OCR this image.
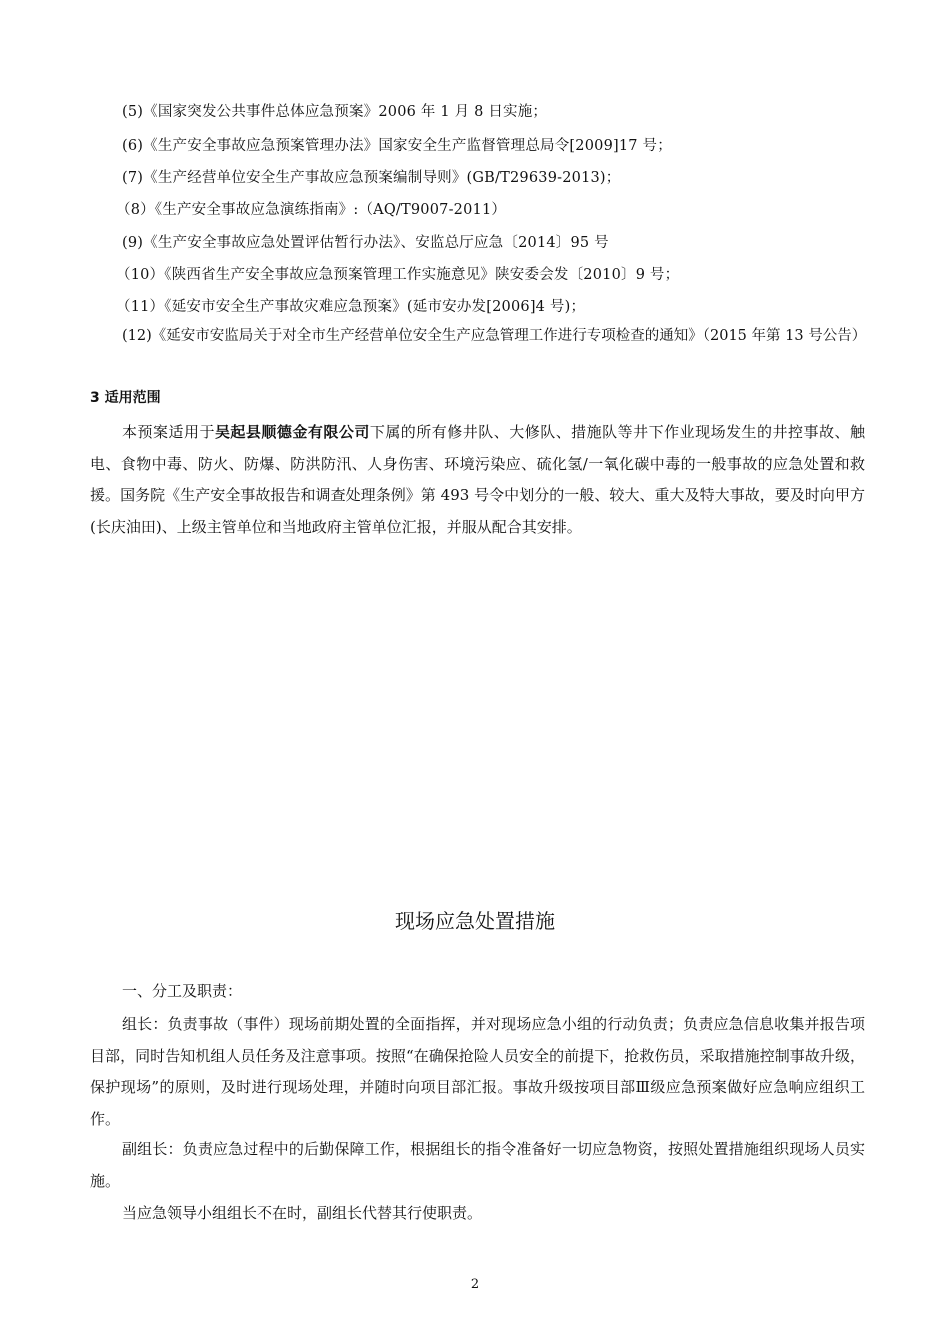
(5)《国家突发公共事件总体应急预案》2006 年 1 月 8 日实施；
(6)《生产安全事故应急预案管理办法》国家安全生产监督管理总局令[2009]17 号；
(7)《生产经营单位安全生产事故应急预案编制导则》(GB/T29639-2013)；
（8）《生产安全事故应急演练指南》:（AQ/T9007-2011）
(9)《生产安全事故应急处置评估暂行办法》、安监总厅应急〔2014〕95 号
（10）《陕西省生产安全事故应急预案管理工作实施意见》陕安委会发〔2010〕9 号；
（11）《延安市安全生产事故灾难应急预案》(延市安办发[2006]4 号)；
(12)《延安市安监局关于对全市生产经营单位安全生产应急管理工作进行专项检查的通知》（2015 年第 13 号公告）
3 适用范围
本预案适用于吴起县顺德金有限公司下属的所有修井队、大修队、措施队等井下作业现场发生的井控事故、触电、食物中毒、防火、防爆、防洪防汛、人身伤害、环境污染应、硫化氢/一氧化碳中毒的一般事故的应急处置和救援。国务院《生产安全事故报告和调查处理条例》第 493 号令中划分的一般、较大、重大及特大事故，要及时向甲方(长庆油田)、上级主管单位和当地政府主管单位汇报，并服从配合其安排。
现场应急处置措施
一、分工及职责：
组长：负责事故（事件）现场前期处置的全面指挥，并对现场应急小组的行动负责；负责应急信息收集并报告项目部，同时告知机组人员任务及注意事项。按照“在确保抢险人员安全的前提下，抢救伤员，采取措施控制事故升级，保护现场”的原则，及时进行现场处理，并随时向项目部汇报。事故升级按项目部Ⅲ级应急预案做好应急响应组织工作。
副组长：负责应急过程中的后勤保障工作，根据组长的指令准备好一切应急物资，按照处置措施组织现场人员实施。
当应急领导小组组长不在时，副组长代替其行使职责。
2
